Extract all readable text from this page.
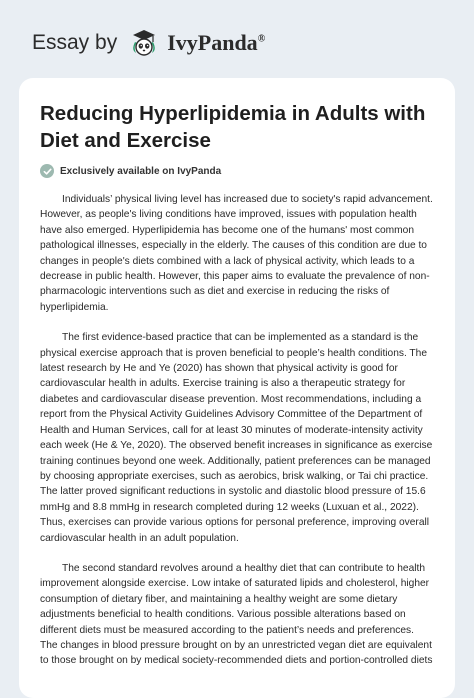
Essay by IvyPanda®
Reducing Hyperlipidemia in Adults with Diet and Exercise
Exclusively available on IvyPanda

Individuals’ physical living level has increased due to society's rapid advancement. However, as people's living conditions have improved, issues with population health have also emerged. Hyperlipidemia has become one of the humans' most common pathological illnesses, especially in the elderly. The causes of this condition are due to changes in people's diets combined with a lack of physical activity, which leads to a decrease in public health. However, this paper aims to evaluate the prevalence of non-pharmacologic interventions such as diet and exercise in reducing the risks of hyperlipidemia.

The first evidence-based practice that can be implemented as a standard is the physical exercise approach that is proven beneficial to people’s health conditions. The latest research by He and Ye (2020) has shown that physical activity is good for cardiovascular health in adults. Exercise training is also a therapeutic strategy for diabetes and cardiovascular disease prevention. Most recommendations, including a report from the Physical Activity Guidelines Advisory Committee of the Department of Health and Human Services, call for at least 30 minutes of moderate-intensity activity each week (He & Ye, 2020). The observed benefit increases in significance as exercise training continues beyond one week. Additionally, patient preferences can be managed by choosing appropriate exercises, such as aerobics, brisk walking, or Tai chi practice. The latter proved significant reductions in systolic and diastolic blood pressure of 15.6 mmHg and 8.8 mmHg in research completed during 12 weeks (Luxuan et al., 2022). Thus, exercises can provide various options for personal preference, improving overall cardiovascular health in an adult population.

The second standard revolves around a healthy diet that can contribute to health improvement alongside exercise. Low intake of saturated lipids and cholesterol, higher consumption of dietary fiber, and maintaining a healthy weight are some dietary adjustments beneficial to health conditions. Various possible alterations based on different diets must be measured according to the patient’s needs and preferences. The changes in blood pressure brought on by an unrestricted vegan diet are equivalent to those brought on by medical society-recommended diets and portion-controlled diets
